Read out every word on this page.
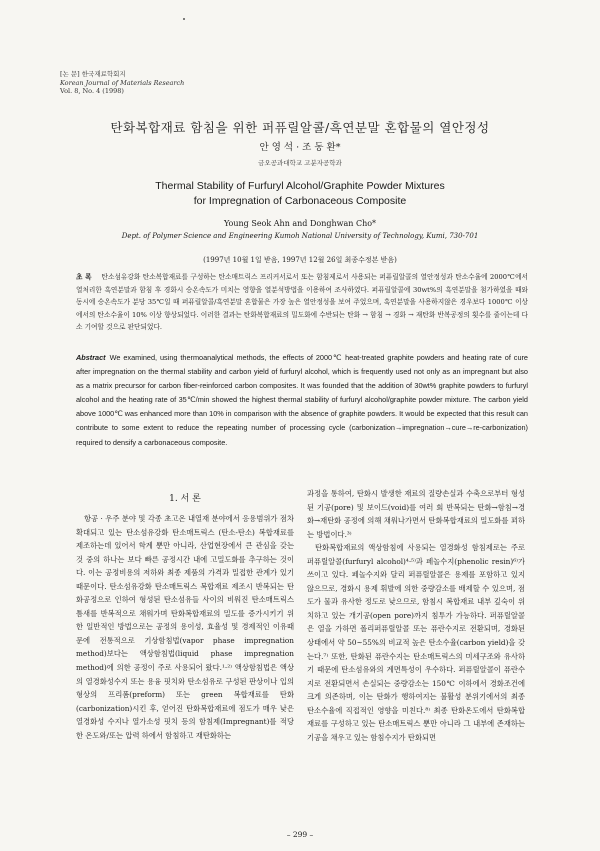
[논 문] 한국재료학회지
Korean Journal of Materials Research
Vol. 8, No. 4 (1998)
탄화복합재료 함침을 위한 퍼퓨릴알콜/흑연분말 혼합물의 열안정성
안 영 석 · 조 동 환*
금오공과대학교 고분자공학과
Thermal Stability of Furfuryl Alcohol/Graphite Powder Mixtures
for Impregnation of Carbonaceous Composite
Young Seok Ahn and Donghwan Cho*
Dept. of Polymer Science and Engineering Kumoh National University of Technology, Kumi, 730-701
(1997년 10월 1일 받음, 1997년 12월 26일 최종수정본 받음)
초 록 탄소섬유강화 탄소복합재료를 구성하는 탄소매트릭스 프리커서로서 또는 함침제로서 사용되는 퍼퓨릴알콜의 열안정성과 탄소수율에 2000℃에서 열처리한 흑연분말과 함침 후 경화시 승온속도가 미치는 영향을 열분석방법을 이용하여 조사하였다. 퍼퓨릴알콜에 30wt%의 흑연분말을 첨가하였을 때와 동시에 승온속도가 분당 35℃일 때 퍼퓨릴알콜/흑연분말 혼합물은 가장 높은 열안정성을 보여 주었으며, 흑연분말을 사용하지않은 경우보다 1000℃ 이상에서의 탄소수율이 10% 이상 향상되었다. 이러한 결과는 탄화복합재료의 밀도화에 수반되는 탄화 → 함침 → 경화 → 재탄화 반복공정의 횟수를 줄이는데 다소 기여할 것으로 판단되었다.
Abstract We examined, using thermoanalytical methods, the effects of 2000℃ heat-treated graphite powders and heating rate of cure after impregnation on the thermal stability and carbon yield of furfuryl alcohol, which is frequently used not only as an impregnant but also as a matrix precursor for carbon fiber-reinforced carbon composites. It was founded that the addition of 30wt% graphite powders to furfuryl alcohol and the heating rate of 35℃/min showed the highest thermal stability of furfuryl alcohol/graphite powder mixture. The carbon yield above 1000℃ was enhanced more than 10% in comparison with the absence of graphite powders. It would be expected that this result can contribute to some extent to reduce the repeating number of processing cycle (carbonization→impregnation→cure→re-carbonization) required to densify a carbonaceous composite.
1. 서 론
항공 · 우주 분야 및 각종 초고온 내열재 분야에서 응용범위가 점차 확대되고 있는 탄소섬유강화 탄소매트릭스 (탄소-탄소) 복합재료를 제조하는데 있어서 학계 뿐만 아니라, 산업현장에서 큰 관심을 갖는 것 중의 하나는 보다 빠른 공정시간 내에 고밀도화를 추구하는 것이다. 이는 공정비용의 저하와 최종 제품의 가격과 밀접한 관계가 있기 때문이다. 탄소섬유강화 탄소매트릭스 복합재료 제조시 반복되는 탄화공정으로 인하여 형성된 탄소섬유들 사이의 비워진 탄소매트릭스 틈새를 반복적으로 채워가며 탄화복합재료의 밀도를 증가시키기 위한 일반적인 방법으로는 공정의 용이성, 효율성 및 경제적인 이유때문에 전통적으로 기상함침법(vapor phase impregnation method)보다는 액상함침법(liquid phase impregnation method)에 의한 공정이 주로 사용되어 왔다.¹·²⁾ 액상함침법은 액상의 열경화성수지 또는 용융 핏치와 탄소섬유로 구성된 판상이나 입의 형상의 프리폼(preform) 또는 green 복합재료를 탄화(carbonization)시킨 후, 얻어진 탄화복합재료에 점도가 매우 낮은 열경화성 수지나 열가소성 핏치 등의 함침제(Impregnant)를 적당한 온도와/또는 압력 하에서 함침하고 재탄화하는

과정을 통하여, 탄화시 발생한 재료의 질량손실과 수축으로부터 형성된 기공(pore) 및 보이드(void)를 여러 회 반복되는 탄화→함침→경화→재탄화 공정에 의해 채워나가면서 탄화복합재료의 밀도화를 꾀하는 방법이다.³⁾

탄화복합재료의 액상함침에 사용되는 열경화성 함침제로는 주로 퍼퓨릴알콜(furfuryl alcohol)⁴·⁵⁾과 페놀수지(phenolic resin)⁶⁾가 쓰이고 있다. 페놀수지와 달리 퍼퓨릴알콜은 용제를 포함하고 있지 않으므로, 경화시 용제 휘발에 의한 중량감소를 배제할 수 있으며, 점도가 물과 유사한 정도로 낮으므로, 함침시 복합재료 내부 깊숙이 위치하고 있는 개기공(open pore)까지 침투가 가능하다. 퍼퓨릴알콜은 열을 가하면 폴리퍼퓨릴알콜 또는 퓨란수지로 전환되며, 경화된 상태에서 약 50~55%의 비교적 높은 탄소수율(carbon yield)을 갖는다.⁷⁾ 또한, 탄화된 퓨란수지는 탄소매트릭스의 미세구조와 유사하기 때문에 탄소섬유와의 계면특성이 우수하다. 퍼퓨릴알콜이 퓨란수지로 전환되면서 손실되는 중량감소는 150℃ 이하에서 경화조건에 크게 의존하며, 이는 탄화가 행하여지는 불활성 분위기에서의 최종 탄소수율에 직접적인 영향을 미친다.⁸⁾ 최종 탄화온도에서 탄화복합재료를 구성하고 있는 탄소매트릭스 뿐만 아니라 그 내부에 존재하는 기공을 채우고 있는 함침수지가 탄화되면

– 299 –
